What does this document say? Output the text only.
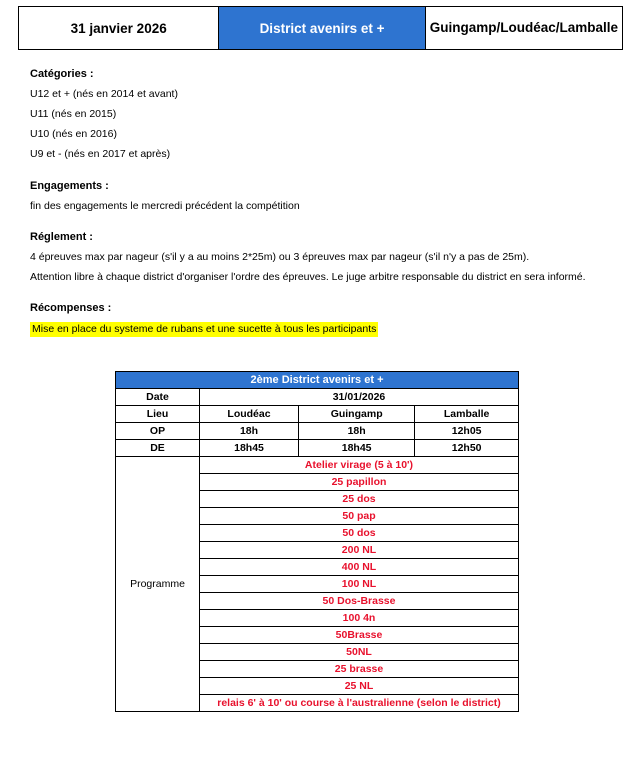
31 janvier 2026	District avenirs et +	Guingamp/Loudéac/Lamballe
Catégories :
U12 et + (nés en 2014 et avant)
U11 (nés en 2015)
U10 (nés en 2016)
U9 et - (nés en 2017 et après)
Engagements :
fin des engagements le mercredi précédent la compétition
Réglement :
4 épreuves max par nageur (s'il y a au moins 2*25m) ou 3 épreuves max par nageur (s'il n'y a pas de 25m).
Attention libre à chaque district d'organiser l'ordre des épreuves. Le juge arbitre responsable du district en sera informé.
Récompenses :
Mise en place du systeme de rubans et une sucette à tous les participants
2ème District avenirs et +			
Date	31/01/2026		
Lieu	Loudéac	Guingamp	Lamballe
OP	18h	18h	12h05
DE	18h45	18h45	12h50
Programme	Atelier virage (5 à 10')		
	25 papillon		
	25 dos		
	50 pap		
	50 dos		
	200 NL		
	400 NL		
	100 NL		
	50 Dos-Brasse		
	100 4n		
	50Brasse		
	50NL		
	25 brasse		
	25 NL		
	relais 6' à 10' ou course à l'australienne (selon le district)		
